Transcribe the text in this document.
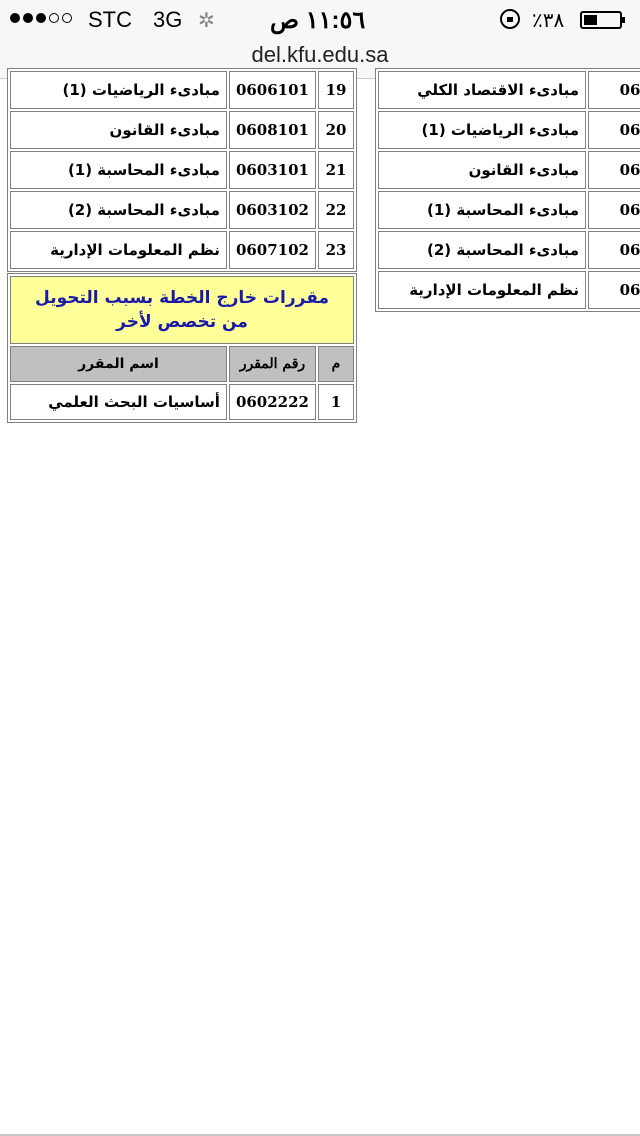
STC 3G ✲ ١١:٥٦ ص	٣٨٪
del.kfu.edu.sa
19	0606101	مبادىء الرياضيات (1)
20	0608101	مبادىء القانون
21	0603101	مبادىء المحاسبة (1)
22	0603102	مبادىء المحاسبة (2)
23	0607102	نظم المعلومات الإدارية
06	مبادىء الاقتصاد الكلي
06	مبادىء الرياضيات (1)
06	مبادىء القانون
06	مبادىء المحاسبة (1)
06	مبادىء المحاسبة (2)
06	نظم المعلومات الإدارية
مقررات خارج الخطة بسبب التحويل من تخصص لأخر		
م	رقم المقرر	اسم المقرر
1	0602222	أساسيات البحث العلمي
